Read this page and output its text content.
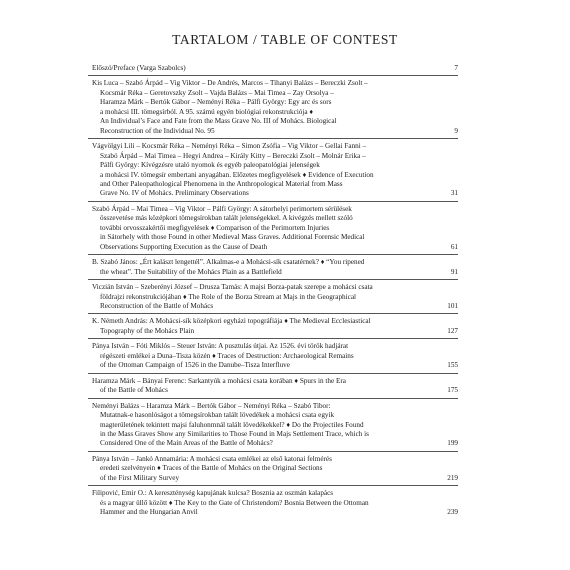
TARTALOM / TABLE OF CONTEST
Előszó/Preface (Varga Szabolcs)	7
Kis Luca – Szabó Árpád – Vig Viktor – De Andrés, Marcos – Tihanyi Balázs – Bereczki Zsolt –
Kocsmár Réka – Geretovszky Zsolt – Vajda Balázs – Mai Timea – Zay Orsolya –
Haramza Márk – Bertók Gábor – Neményi Réka – Pálfi György: Egy arc és sors
a mohácsi III. tömegsírból. A 95. számú egyén biológiai rekonstrukciója ♦
An Individual’s Face and Fate from the Mass Grave No. III of Mohács. Biological
Reconstruction of the Individual No. 95	9
Vágvölgyi Lili – Kocsmár Réka – Neményi Réka – Simon Zsófia – Vig Viktor – Gellai Fanni –
Szabó Árpád – Mai Timea – Hegyi Andrea – Király Kitty – Bereczki Zsolt – Molnár Erika –
Pálfi György: Kívégzésre utaló nyomok és egyéb paleopatológiai jelenségek
a mohácsi IV. tömegsír embertani anyagában. Előzetes megfigyelések ♦ Evidence of Execution
and Other Paleopathological Phenomena in the Anthropological Material from Mass
Grave No. IV of Mohács. Preliminary Observations	31
Szabó Árpád – Mai Timea – Vig Viktor – Pálfi György: A sátorhelyi perimortem sérülések
összevetése más középkori tömegsírokban talált jelenségekkel. A kivégzés mellett szóló
további orvosszakértői megfigyelések ♦ Comparison of the Perimortem Injuries
in Sátorhely with those Found in other Medieval Mass Graves. Additional Forensic Medical
Observations Supporting Execution as the Cause of Death	61
B. Szabó János: „Ért kalászt lengettél”. Alkalmas-e a Mohácsi-sík csatatérnek? ♦ “You ripened
the wheat”. The Suitability of the Mohács Plain as a Battlefield	91
Viczián István – Szeberényi József – Drusza Tamás: A majsi Borza-patak szerepe a mohácsi csata
földrajzi rekonstrukciójában ♦ The Role of the Borza Stream at Majs in the Geographical
Reconstruction of the Battle of Mohács	101
K. Németh András: A Mohácsi-sík középkori egyházi topográfiája ♦ The Medieval Ecclesiastical
Topography of the Mohács Plain	127
Pánya István – Fóti Miklós – Steuer István: A pusztulás útjai. Az 1526. évi török hadjárat
régészeti emlékei a Duna–Tisza közén ♦ Traces of Destruction: Archaeological Remains
of the Ottoman Campaign of 1526 in the Danube–Tisza Interfluve	155
Haramza Márk – Bányai Ferenc: Sarkantyúk a mohácsi csata korában ♦ Spurs in the Era
of the Battle of Mohács	175
Neményi Balázs – Haramza Márk – Bertók Gábor – Neményi Réka – Szabó Tibor:
Mutatnak-e hasonlóságot a tömegsírokban talált lövedékek a mohácsi csata egyik
magterületének tekintett majsi faluhonmnál talált lövedékekkel? ♦ Do the Projectiles Found
in the Mass Graves Show any Similarities to Those Found in Majs Settlement Trace, which is
Considered One of the Main Areas of the Battle of Mohács?	199
Pánya István – Jankó Annamária: A mohácsi csata emlékei az első katonai felmérés
eredeti szelvényein ♦ Traces of the Battle of Mohács on the Original Sections
of the First Military Survey	219
Filipović, Emir O.: A kereszténység kapujának kulcsa? Bosznia az oszmán kalapács
és a magyar üllő között ♦ The Key to the Gate of Christendom? Bosnia Between the Ottoman
Hammer and the Hungarian Anvil	239
